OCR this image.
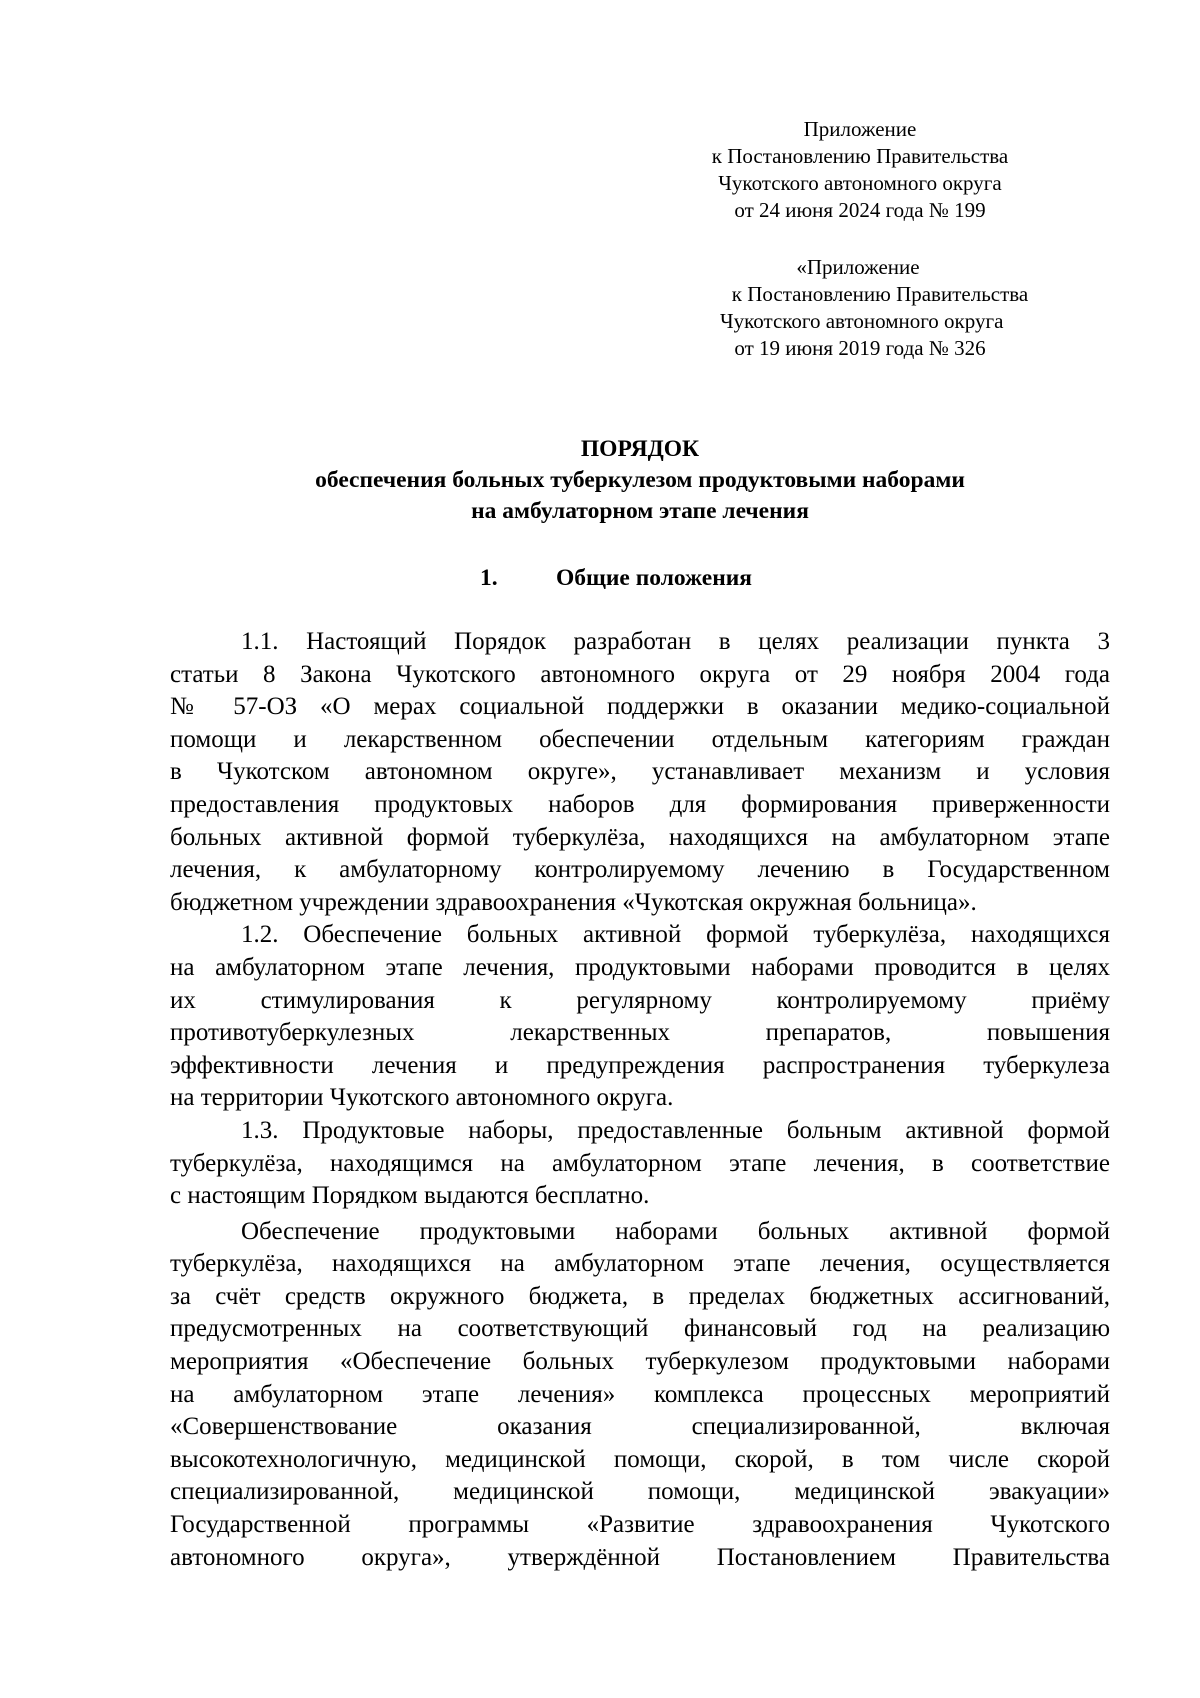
Приложение
к Постановлению Правительства
Чукотского автономного округа
от 24 июня 2024 года № 199
«Приложение
к Постановлению Правительства
Чукотского автономного округа
от 19 июня 2019 года № 326
ПОРЯДОК
обеспечения больных туберкулезом продуктовыми наборами
на амбулаторном этапе лечения
1. Общие положения

1.1. Настоящий Порядок разработан в целях реализации пункта 3
статьи 8 Закона Чукотского автономного округа от 29 ноября 2004 года
№ 57-ОЗ «О мерах социальной поддержки в оказании медико-социальной
помощи и лекарственном обеспечении отдельным категориям граждан
в Чукотском автономном округе», устанавливает механизм и условия
предоставления продуктовых наборов для формирования приверженности
больных активной формой туберкулёза, находящихся на амбулаторном этапе
лечения, к амбулаторному контролируемому лечению в Государственном
бюджетном учреждении здравоохранения «Чукотская окружная больница».

1.2. Обеспечение больных активной формой туберкулёза, находящихся
на амбулаторном этапе лечения, продуктовыми наборами проводится в целях
их стимулирования к регулярному контролируемому приёму
противотуберкулезных лекарственных препаратов, повышения
эффективности лечения и предупреждения распространения туберкулеза
на территории Чукотского автономного округа.

1.3. Продуктовые наборы, предоставленные больным активной формой
туберкулёза, находящимся на амбулаторном этапе лечения, в соответствие
с настоящим Порядком выдаются бесплатно.

Обеспечение продуктовыми наборами больных активной формой
туберкулёза, находящихся на амбулаторном этапе лечения, осуществляется
за счёт средств окружного бюджета, в пределах бюджетных ассигнований,
предусмотренных на соответствующий финансовый год на реализацию
мероприятия «Обеспечение больных туберкулезом продуктовыми наборами
на амбулаторном этапе лечения» комплекса процессных мероприятий
«Совершенствование оказания специализированной, включая
высокотехнологичную, медицинской помощи, скорой, в том числе скорой
специализированной, медицинской помощи, медицинской эвакуации»
Государственной программы «Развитие здравоохранения Чукотского
автономного округа», утверждённой Постановлением Правительства
